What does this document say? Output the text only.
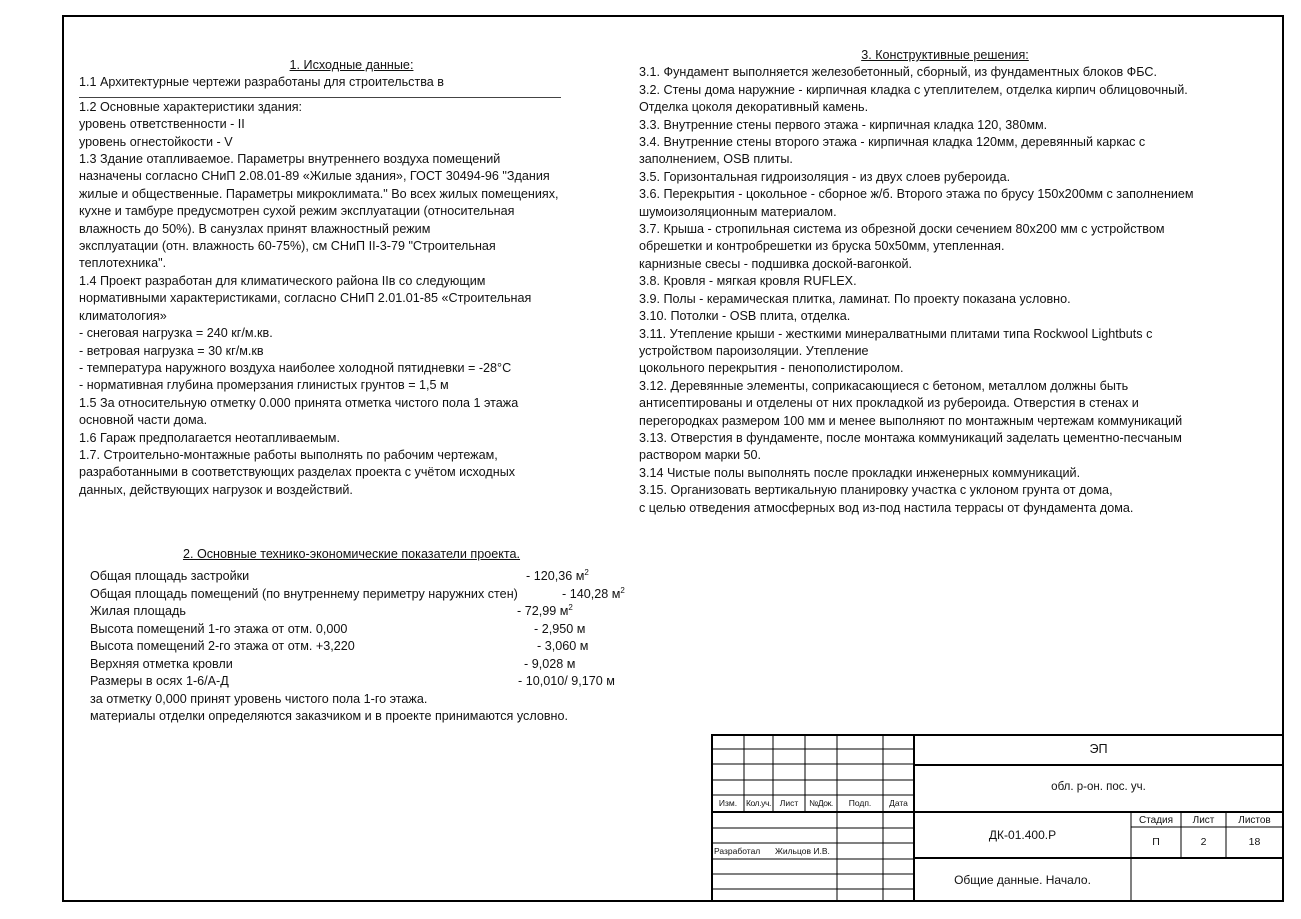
1. Исходные данные:
1.1 Архитектурные чертежи разработаны для строительства в
1.2 Основные характеристики здания:
уровень ответственности - II
уровень огнестойкости - V
1.3 Здание отапливаемое. Параметры внутреннего воздуха помещений
назначены согласно СНиП 2.08.01-89 «Жилые здания», ГОСТ 30494-96 "Здания
жилые и общественные. Параметры микроклимата." Во всех жилых помещениях,
кухне и тамбуре предусмотрен сухой режим эксплуатации (относительная
влажность до 50%). В санузлах принят влажностный режим
эксплуатации (отн. влажность 60-75%), см СНиП II-3-79 "Строительная
теплотехника".
1.4 Проект разработан для климатического района IIв со следующим
нормативными характеристиками, согласно СНиП 2.01.01-85 «Строительная
климатология»
- снеговая нагрузка = 240 кг/м.кв.
- ветровая нагрузка = 30 кг/м.кв
- температура наружного воздуха наиболее холодной пятидневки = -28°С
- нормативная глубина промерзания глинистых грунтов = 1,5 м
1.5 За относительную отметку 0.000 принята отметка чистого пола 1 этажа
основной части дома.
1.6 Гараж предполагается неотапливаемым.
1.7. Строительно-монтажные работы выполнять по рабочим чертежам,
разработанными в соответствующих разделах проекта с учётом исходных
данных, действующих нагрузок и воздействий.
2. Основные технико-экономические показатели проекта.
Общая площадь застройки	- 120,36 $м^2$
Общая площадь помещений (по внутреннему периметру наружних стен)	- 140,28 $м^2$
Жилая площадь	- 72,99 $м^2$
Высота помещений 1-го этажа от отм. 0,000	- 2,950 м
Высота помещений 2-го этажа от отм. +3,220	- 3,060 м
Верхняя отметка кровли	- 9,028 м
Размеры в осях 1-6/А-Д	- 10,010/ 9,170 м
за отметку 0,000 принят уровень чистого пола 1-го этажа.
материалы отделки определяются заказчиком и в проекте принимаются условно.
3. Конструктивные решения:
3.1. Фундамент выполняется железобетонный, сборный, из фундаментных блоков ФБС.
3.2. Стены дома наружние - кирпичная кладка с утеплителем, отделка кирпич облицовочный.
Отделка цоколя декоративный камень.
3.3. Внутренние стены первого этажа - кирпичная кладка 120, 380мм.
3.4. Внутренние стены второго этажа - кирпичная кладка 120мм, деревянный каркас с
заполнением, OSB плиты.
3.5. Горизонтальная гидроизоляция - из двух слоев рубероида.
3.6. Перекрытия - цокольное - сборное ж/б. Второго этажа по брусу 150х200мм с заполнением
шумоизоляционным материалом.
3.7. Крыша - стропильная система из обрезной доски сечением 80х200 мм с устройством
обрешетки и контробрешетки из бруска 50х50мм, утепленная.
карнизные свесы - подшивка доской-вагонкой.
3.8. Кровля - мягкая кровля RUFLEX.
3.9. Полы - керамическая плитка, ламинат. По проекту показана условно.
3.10. Потолки - OSB плита, отделка.
3.11. Утепление крыши - жесткими минералватными плитами типа Rockwool Lightbuts с
устройством пароизоляции. Утепление
цокольного перекрытия - пенополистиролом.
3.12. Деревянные элементы, соприкасающиеся с бетоном, металлом должны быть
антисептированы и отделены от них прокладкой из рубероида. Отверстия в стенах и
перегородках размером 100 мм и менее выполняют по монтажным чертежам коммуникаций
3.13. Отверстия в фундаменте, после монтажа коммуникаций заделать цементно-песчаным
раствором марки 50.
3.14 Чистые полы выполнять после прокладки инженерных коммуникаций.
3.15. Организовать вертикальную планировку участка с уклоном грунта от дома,
с целью отведения атмосферных вод из-под настила террасы от фундамента дома.
Изм.	Кол.уч.	Лист	№Док.	Подп.	Дата
Разработал Жильцов И.В.
ЭП
обл. р-он. пос. уч.
ДК-01.400.Р
Стадия	Лист	Листов
П	2	18
Общие данные. Начало.
